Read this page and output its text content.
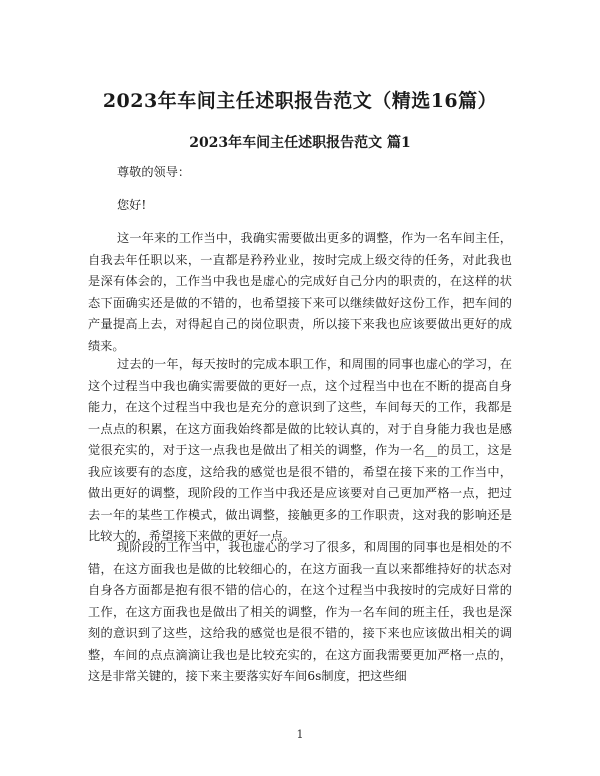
2023年车间主任述职报告范文（精选16篇）
2023年车间主任述职报告范文 篇1

尊敬的领导：

您好!

这一年来的工作当中，我确实需要做出更多的调整，作为一名车间主任，自我去年任职以来，一直都是矜矜业业，按时完成上级交待的任务，对此我也是深有体会的，工作当中我也是虚心的完成好自己分内的职责的，在这样的状态下面确实还是做的不错的，也希望接下来可以继续做好这份工作，把车间的产量提高上去，对得起自己的岗位职责，所以接下来我也应该要做出更好的成绩来。

过去的一年，每天按时的完成本职工作，和周围的同事也虚心的学习，在这个过程当中我也确实需要做的更好一点，这个过程当中也在不断的提高自身能力，在这个过程当中我也是充分的意识到了这些，车间每天的工作，我都是一点点的积累，在这方面我始终都是做的比较认真的，对于自身能力我也是感觉很充实的，对于这一点我也是做出了相关的调整，作为一名__的员工，这是我应该要有的态度，这给我的感觉也是很不错的，希望在接下来的工作当中，做出更好的调整，现阶段的工作当中我还是应该要对自己更加严格一点，把过去一年的某些工作模式，做出调整，接触更多的工作职责，这对我的影响还是比较大的，希望接下来做的更好一点。

现阶段的工作当中，我也虚心的学习了很多，和周围的同事也是相处的不错，在这方面我也是做的比较细心的，在这方面我一直以来都维持好的状态对自身各方面都是抱有很不错的信心的，在这个过程当中我按时的完成好日常的工作，在这方面我也是做出了相关的调整，作为一名车间的班主任，我也是深刻的意识到了这些，这给我的感觉也是很不错的，接下来也应该做出相关的调整，车间的点点滴滴让我也是比较充实的，在这方面我需要更加严格一点的，这是非常关键的，接下来主要落实好车间6s制度，把这些细

1
